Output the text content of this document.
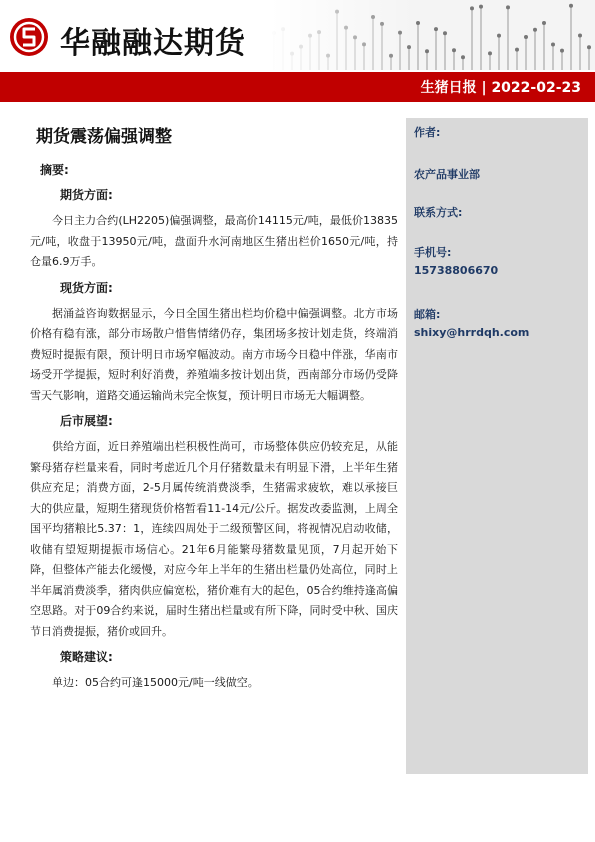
华融融达期货
生猪日报 | 2022-02-23
期货震荡偏强调整
摘要:
期货方面:

今日主力合约(LH2205)偏强调整，最高价14115元/吨，最低价13835元/吨，收盘于13950元/吨，盘面升水河南地区生猪出栏价1650元/吨，持仓量6.9万手。

现货方面:

据涌益咨询数据显示，今日全国生猪出栏均价稳中偏强调整。北方市场价格有稳有涨，部分市场散户惜售情绪仍存，集团场多按计划走货，终端消费短时提振有限，预计明日市场窄幅波动。南方市场今日稳中伴涨，华南市场受开学提振，短时利好消费，养殖端多按计划出货，西南部分市场仍受降雪天气影响，道路交通运输尚未完全恢复，预计明日市场无大幅调整。

后市展望:

供给方面，近日养殖端出栏积极性尚可，市场整体供应仍较充足，从能繁母猪存栏量来看，同时考虑近几个月仔猪数量未有明显下滑，上半年生猪供应充足；消费方面，2-5月属传统消费淡季，生猪需求疲软，难以承接巨大的供应量，短期生猪现货价格暂看11-14元/公斤。据发改委监测，上周全国平均猪粮比5.37：1，连续四周处于二级预警区间，将视情况启动收储，收储有望短期提振市场信心。21年6月能繁母猪数量见顶，7月起开始下降，但整体产能去化缓慢，对应今年上半年的生猪出栏量仍处高位，同时上半年属消费淡季，猪肉供应偏宽松，猪价难有大的起色，05合约维持逢高偏空思路。对于09合约来说，届时生猪出栏量或有所下降，同时受中秋、国庆节日消费提振，猪价或回升。

策略建议:

单边：05合约可逢15000元/吨一线做空。

作者:
农产品事业部
联系方式:
手机号:
15738806670
邮箱:
shixy@hrrdqh.com
